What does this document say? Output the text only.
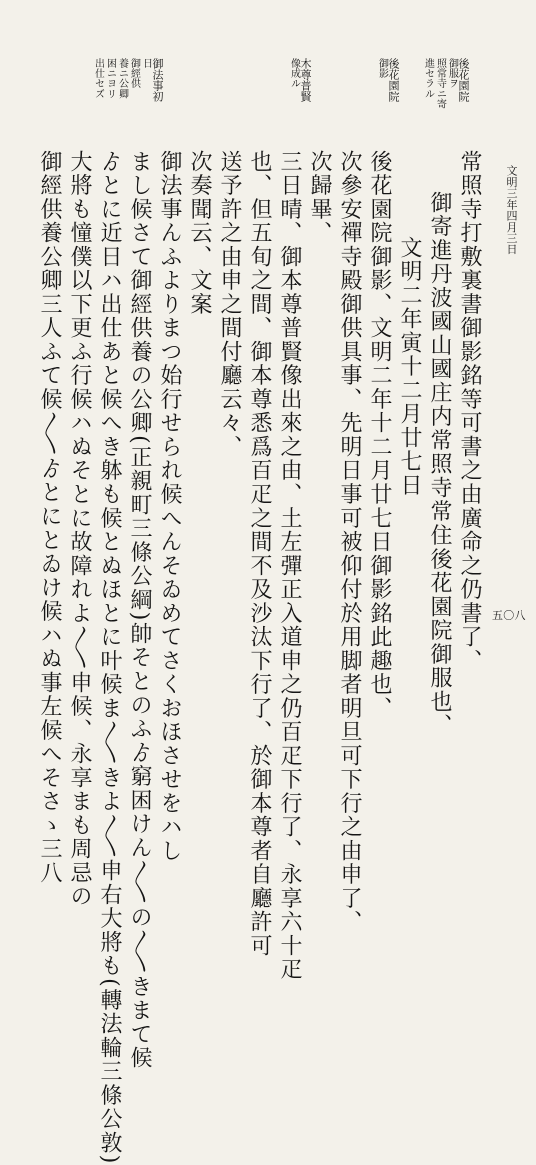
文明三年四月三日
五〇八
後花園院
御服ヲ
照常寺ニ寄
進セラル
後花園院
御影
木尊普賢
像成ル
御法事初
日
御經供
養ニ公卿
困ニヨリ
出仕セズ
常照寺打敷裏書御影銘等可書之由廣命之仍書了、
御寄進丹波國山國庄内常照寺常住後花園院御服也、
文明二年寅十二月廿七日
後花園院御影、文明二年十二月廿七日御影銘此趣也、
次參安禪寺殿御供具事、先明日事可被仰付於用脚者明旦可下行之由申了、
次歸畢、
三日晴、御本尊普賢像出來之由、土左彈正入道申之仍百疋下行了、永享六十疋
也、但五旬之間、御本尊悉爲百疋之間不及沙汰下行了、於御本尊者自廳許可
送予許之由申之間付廳云々、
次奏聞云、文案
御法事んふよりまつ始行せられ候へんそゐめてさくおほさせをハし
まし候さて御經供養の公卿(正親町三條公綱)帥そとのふゟ窮困けん〱の〱きまて候
ゟとに近日ハ出仕あと候へき躰も候とぬほとに叶候ま〱きよ〱申右大將も(轉法輪三條公敦)
大將も憧僕以下更ふ行候ハぬそとに故障れよ〱申候、永享まも周忌の
御經供養公卿三人ふて候〱ゟとにとゐけ候ハぬ事左候へそさゝ三八
